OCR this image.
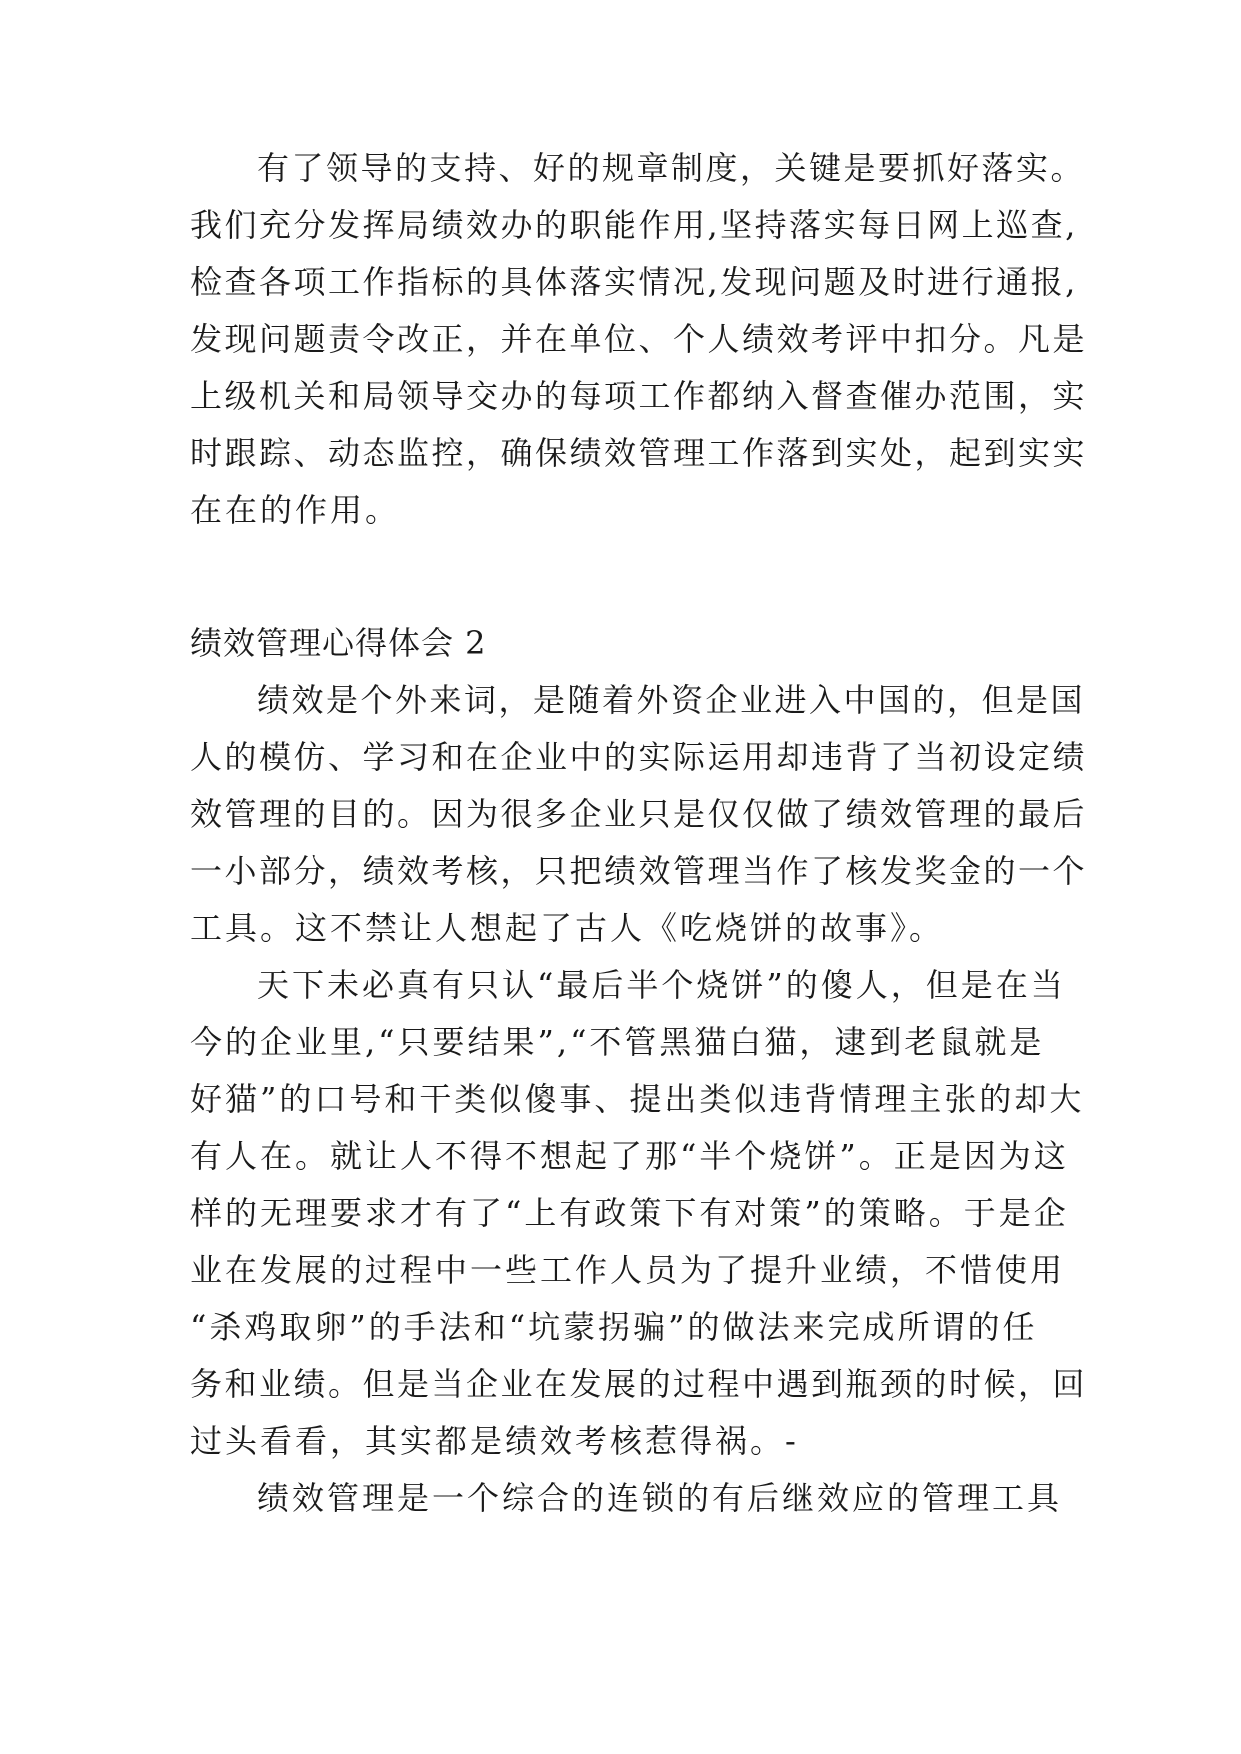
有了领导的支持、好的规章制度，关键是要抓好落实。
我们充分发挥局绩效办的职能作用,坚持落实每日网上巡查,
检查各项工作指标的具体落实情况,发现问题及时进行通报,
发现问题责令改正，并在单位、个人绩效考评中扣分。凡是
上级机关和局领导交办的每项工作都纳入督查催办范围，实
时跟踪、动态监控，确保绩效管理工作落到实处，起到实实
在在的作用。
绩效管理心得体会 2
绩效是个外来词，是随着外资企业进入中国的，但是国
人的模仿、学习和在企业中的实际运用却违背了当初设定绩
效管理的目的。因为很多企业只是仅仅做了绩效管理的最后
一小部分，绩效考核，只把绩效管理当作了核发奖金的一个
工具。这不禁让人想起了古人《吃烧饼的故事》。
天下未必真有只认“最后半个烧饼”的傻人，但是在当
今的企业里,“只要结果”,“不管黑猫白猫，逮到老鼠就是
好猫”的口号和干类似傻事、提出类似违背情理主张的却大
有人在。就让人不得不想起了那“半个烧饼”。正是因为这
样的无理要求才有了“上有政策下有对策”的策略。于是企
业在发展的过程中一些工作人员为了提升业绩，不惜使用
“杀鸡取卵”的手法和“坑蒙拐骗”的做法来完成所谓的任
务和业绩。但是当企业在发展的过程中遇到瓶颈的时候，回
过头看看，其实都是绩效考核惹得祸。-
绩效管理是一个综合的连锁的有后继效应的管理工具
